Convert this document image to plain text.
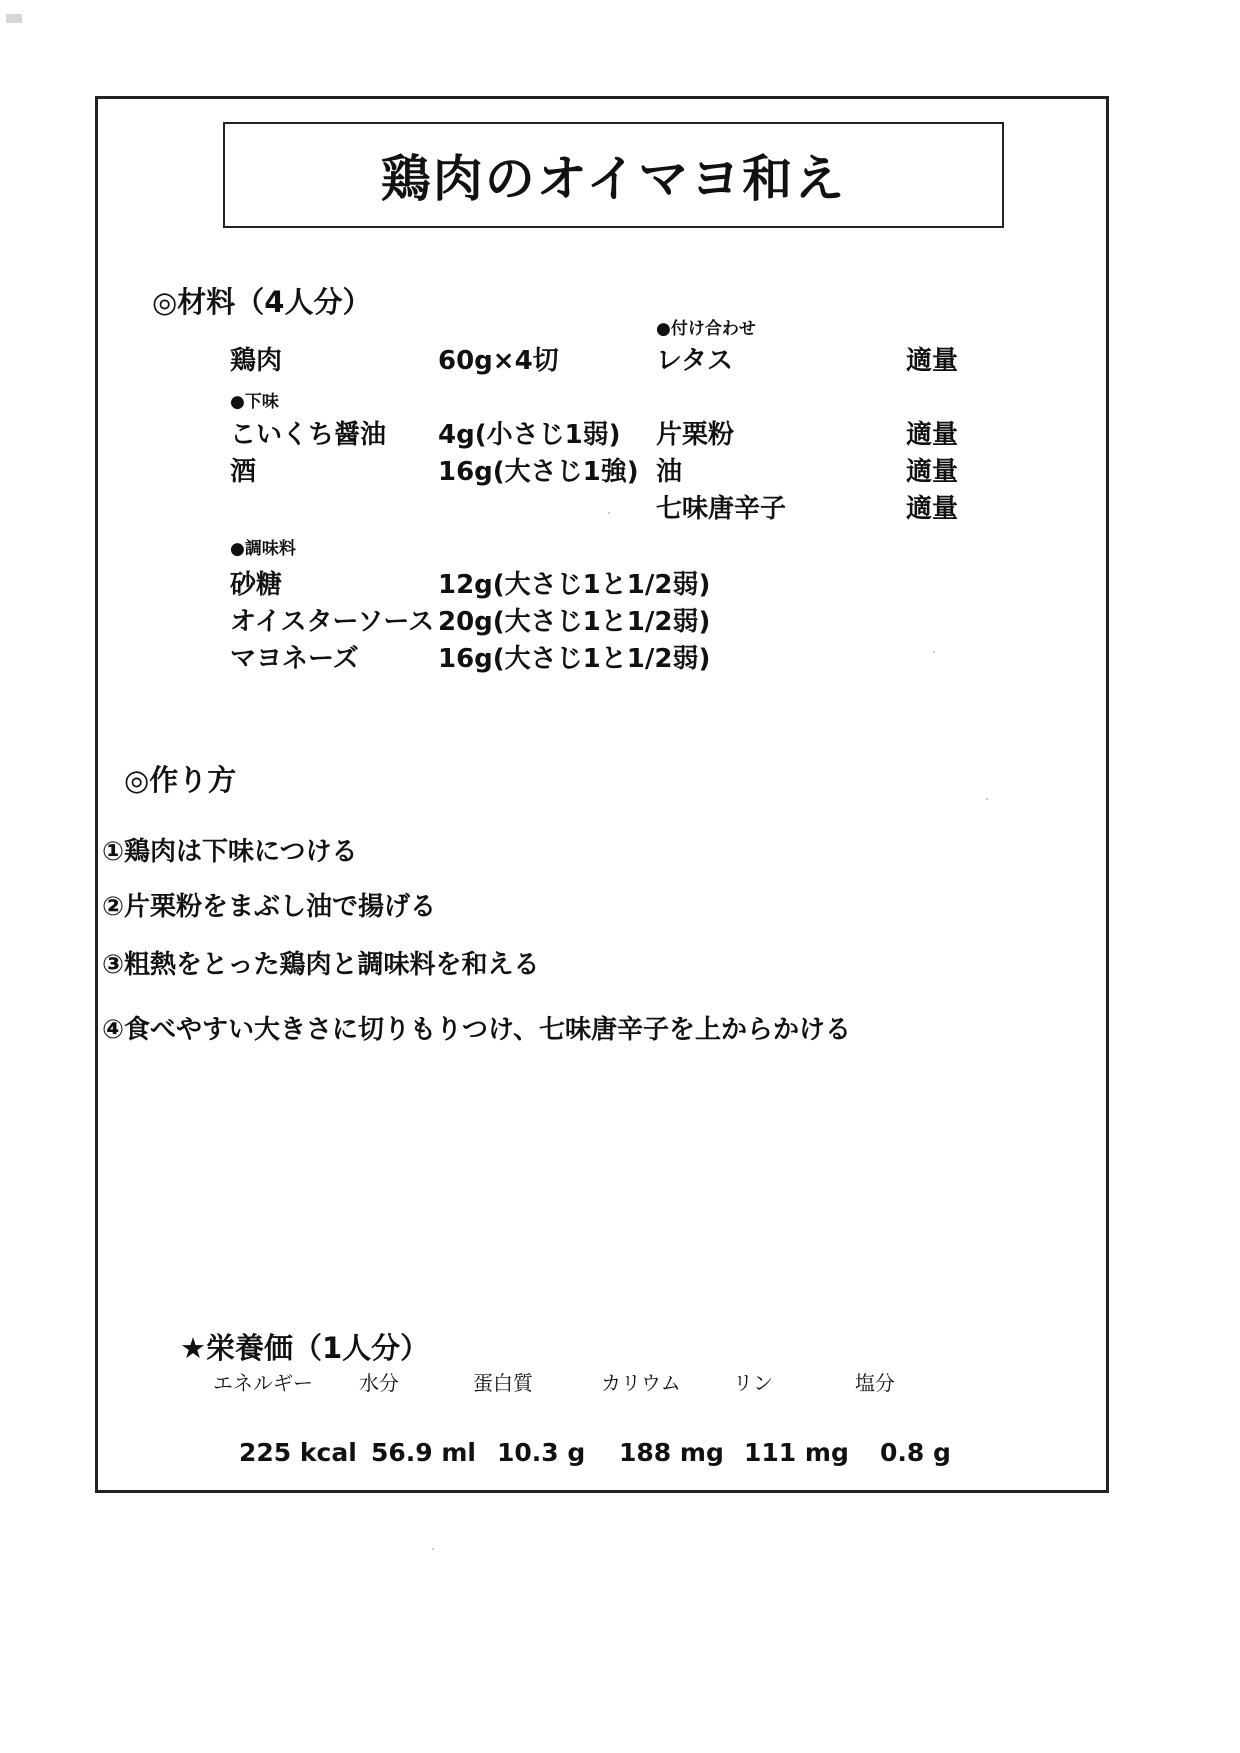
鶏肉のオイマヨ和え
◎材料（4人分）
鶏肉	60g×4切
●下味
こいくち醤油 4g(小さじ1弱)
酒	16g(大さじ1強)
●調味料
砂糖	12g(大さじ1と1/2弱)
オイスターソース 20g(大さじ1と1/2弱)
マヨネーズ	16g(大さじ1と1/2弱)
●付け合わせ
レタス	適量
片栗粉	適量
油	適量
七味唐辛子	適量
◎作り方
①鶏肉は下味につける
②片栗粉をまぶし油で揚げる
③粗熱をとった鶏肉と調味料を和える
④食べやすい大きさに切りもりつけ、七味唐辛子を上からかける
★栄養価（1人分）
エネルギー 水分	蛋白質	カリウム	リン	塩分
225 kcal 56.9 ml 10.3 g 188 mg 111 mg 0.8 g
